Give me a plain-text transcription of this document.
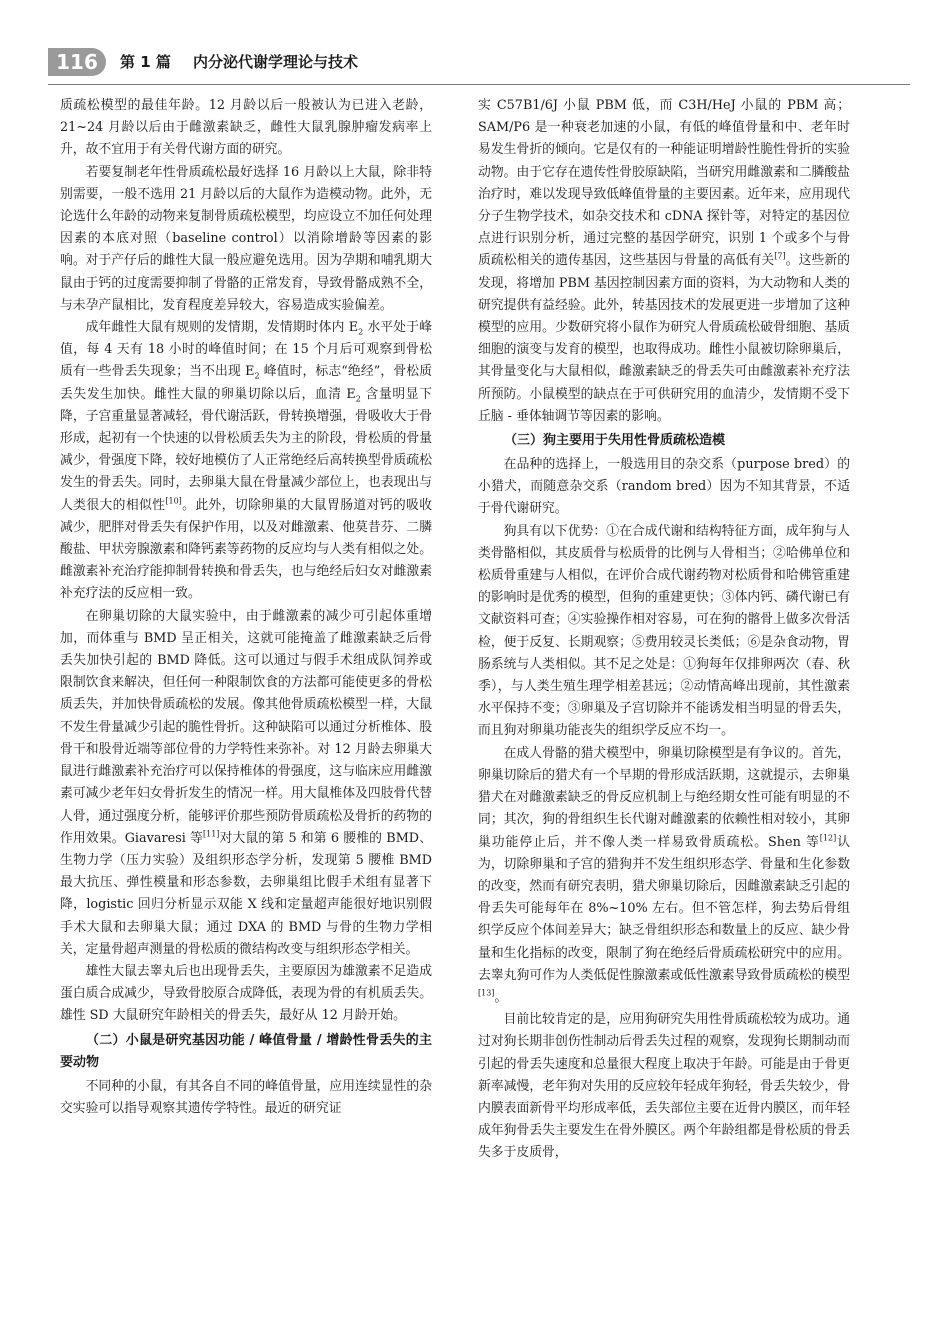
116	第 1 篇 内分泌代谢学理论与技术

质疏松模型的最佳年龄。12 月龄以后一般被认为已进入老龄，21~24 月龄以后由于雌激素缺乏，雌性大鼠乳腺肿瘤发病率上升，故不宜用于有关骨代谢方面的研究。

若要复制老年性骨质疏松最好选择 16 月龄以上大鼠，除非特别需要，一般不选用 21 月龄以后的大鼠作为造模动物。此外，无论选什么年龄的动物来复制骨质疏松模型，均应设立不加任何处理因素的本底对照（baseline control）以消除增龄等因素的影响。对于产仔后的雌性大鼠一般应避免选用。因为孕期和哺乳期大鼠由于钙的过度需要抑制了骨骼的正常发育，导致骨骼成熟不全，与未孕产鼠相比，发育程度差异较大，容易造成实验偏差。

成年雌性大鼠有规则的发情期，发情期时体内 $E_2$ 水平处于峰值，每 4 天有 18 小时的峰值时间；在 15 个月后可观察到骨松质有一些骨丢失现象；当不出现 $E_2$ 峰值时，标志“绝经”，骨松质丢失发生加快。雌性大鼠的卵巢切除以后，血清 $E_2$ 含量明显下降，子宫重量显著减轻，骨代谢活跃，骨转换增强，骨吸收大于骨形成，起初有一个快速的以骨松质丢失为主的阶段，骨松质的骨量减少，骨强度下降，较好地模仿了人正常绝经后高转换型骨质疏松发生的骨丢失。同时，去卵巢大鼠在骨量减少部位上，也表现出与人类很大的相似性[10]。此外，切除卵巢的大鼠胃肠道对钙的吸收减少，肥胖对骨丢失有保护作用，以及对雌激素、他莫昔芬、二膦酸盐、甲状旁腺激素和降钙素等药物的反应均与人类有相似之处。雌激素补充治疗能抑制骨转换和骨丢失，也与绝经后妇女对雌激素补充疗法的反应相一致。

在卵巢切除的大鼠实验中，由于雌激素的减少可引起体重增加，而体重与 BMD 呈正相关，这就可能掩盖了雌激素缺乏后骨丢失加快引起的 BMD 降低。这可以通过与假手术组成队饲养或限制饮食来解决，但任何一种限制饮食的方法都可能使更多的骨松质丢失，并加快骨质疏松的发展。像其他骨质疏松模型一样，大鼠不发生骨量减少引起的脆性骨折。这种缺陷可以通过分析椎体、股骨干和股骨近端等部位骨的力学特性来弥补。对 12 月龄去卵巢大鼠进行雌激素补充治疗可以保持椎体的骨强度，这与临床应用雌激素可减少老年妇女骨折发生的情况一样。用大鼠椎体及四肢骨代替人骨，通过强度分析，能够评价那些预防骨质疏松及骨折的药物的作用效果。Giavaresi 等[11]对大鼠的第 5 和第 6 腰椎的 BMD、生物力学（压力实验）及组织形态学分析，发现第 5 腰椎 BMD 最大抗压、弹性模量和形态参数，去卵巢组比假手术组有显著下降，logistic 回归分析显示双能 X 线和定量超声能很好地识别假手术大鼠和去卵巢大鼠；通过 DXA 的 BMD 与骨的生物力学相关，定量骨超声测量的骨松质的微结构改变与组织形态学相关。

雄性大鼠去睾丸后也出现骨丢失，主要原因为雄激素不足造成蛋白质合成减少，导致骨胶原合成降低，表现为骨的有机质丢失。雄性 SD 大鼠研究年龄相关的骨丢失，最好从 12 月龄开始。

（二）小鼠是研究基因功能 / 峰值骨量 / 增龄性骨丢失的主要动物

不同种的小鼠，有其各自不同的峰值骨量，应用连续显性的杂交实验可以指导观察其遗传学特性。最近的研究证

实 C57B1/6J 小鼠 PBM 低，而 C3H/HeJ 小鼠的 PBM 高；SAM/P6 是一种衰老加速的小鼠，有低的峰值骨量和中、老年时易发生骨折的倾向。它是仅有的一种能证明增龄性脆性骨折的实验动物。由于它存在遗传性骨胶原缺陷，当研究用雌激素和二膦酸盐治疗时，难以发现导致低峰值骨量的主要因素。近年来，应用现代分子生物学技术，如杂交技术和 cDNA 探针等，对特定的基因位点进行识别分析，通过完整的基因学研究，识别 1 个或多个与骨质疏松相关的遗传基因，这些基因与骨量的高低有关[7]。这些新的发现，将增加 PBM 基因控制因素方面的资料，为大动物和人类的研究提供有益经验。此外，转基因技术的发展更进一步增加了这种模型的应用。少数研究将小鼠作为研究人骨质疏松破骨细胞、基质细胞的演变与发育的模型，也取得成功。雌性小鼠被切除卵巢后，其骨量变化与大鼠相似，雌激素缺乏的骨丢失可由雌激素补充疗法所预防。小鼠模型的缺点在于可供研究用的血清少，发情期不受下丘脑 - 垂体轴调节等因素的影响。

（三）狗主要用于失用性骨质疏松造模

在品种的选择上，一般选用目的杂交系（purpose bred）的小猎犬，而随意杂交系（random bred）因为不知其背景，不适于骨代谢研究。

狗具有以下优势：①在合成代谢和结构特征方面，成年狗与人类骨骼相似，其皮质骨与松质骨的比例与人骨相当；②哈佛单位和松质骨重建与人相似，在评价合成代谢药物对松质骨和哈佛管重建的影响时是优秀的模型，但狗的重建更快；③体内钙、磷代谢已有文献资料可查；④实验操作相对容易，可在狗的髂骨上做多次骨活检，便于反复、长期观察；⑤费用较灵长类低；⑥是杂食动物，胃肠系统与人类相似。其不足之处是：①狗每年仅排卵两次（春、秋季），与人类生殖生理学相差甚远；②动情高峰出现前，其性激素水平保持不变；③卵巢及子宫切除并不能诱发相当明显的骨丢失，而且狗对卵巢功能丧失的组织学反应不均一。

在成人骨骼的猎犬模型中，卵巢切除模型是有争议的。首先，卵巢切除后的猎犬有一个早期的骨形成活跃期，这就提示，去卵巢猎犬在对雌激素缺乏的骨反应机制上与绝经期女性可能有明显的不同；其次，狗的骨组织生长代谢对雌激素的依赖性相对较小，其卵巢功能停止后，并不像人类一样易致骨质疏松。Shen 等[12]认为，切除卵巢和子宫的猎狗并不发生组织形态学、骨量和生化参数的改变，然而有研究表明，猎犬卵巢切除后，因雌激素缺乏引起的骨丢失可能每年在 8%~10% 左右。但不管怎样，狗去势后骨组织学反应个体间差异大；缺乏骨组织形态和数量上的反应、缺少骨量和生化指标的改变，限制了狗在绝经后骨质疏松研究中的应用。去睾丸狗可作为人类低促性腺激素或低性激素导致骨质疏松的模型[13]。

目前比较肯定的是，应用狗研究失用性骨质疏松较为成功。通过对狗长期非创伤性制动后骨丢失过程的观察，发现狗长期制动而引起的骨丢失速度和总量很大程度上取决于年龄。可能是由于骨更新率减慢，老年狗对失用的反应较年轻成年狗轻，骨丢失较少，骨内膜表面新骨平均形成率低，丢失部位主要在近骨内膜区，而年轻成年狗骨丢失主要发生在骨外膜区。两个年龄组都是骨松质的骨丢失多于皮质骨，
